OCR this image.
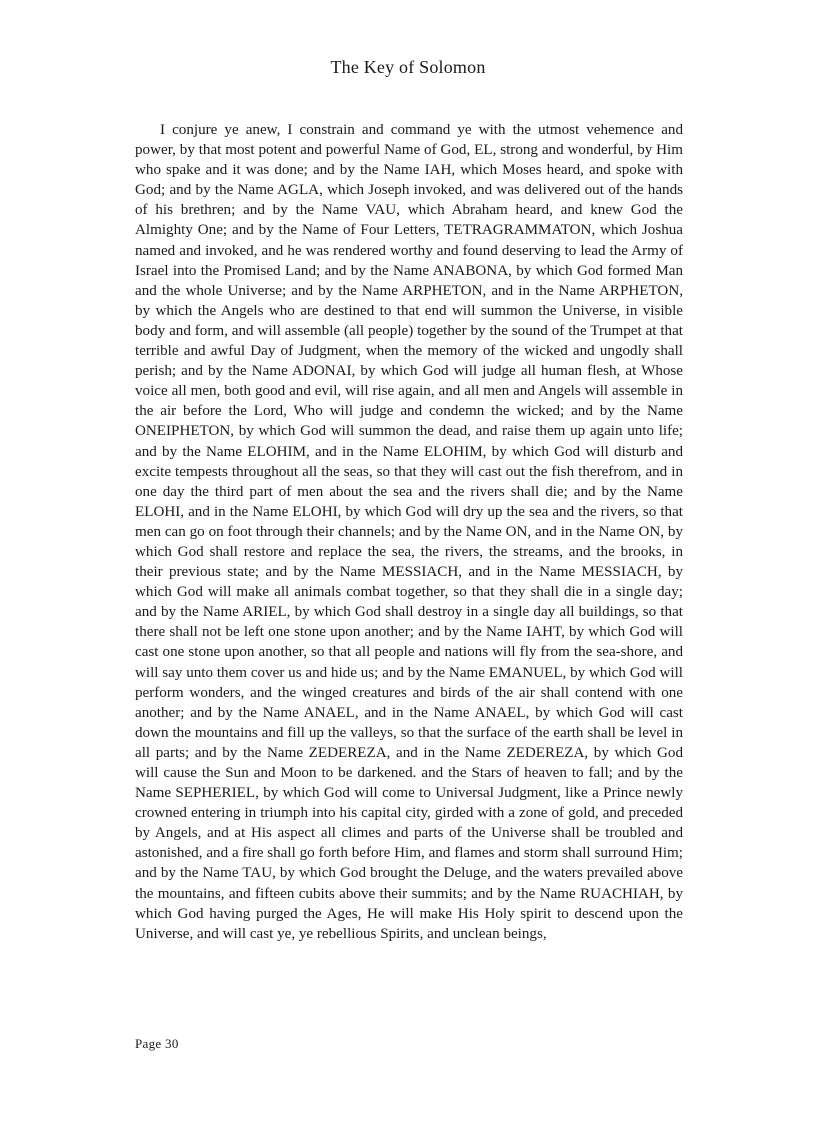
The Key of Solomon

I conjure ye anew, I constrain and command ye with the utmost vehemence and power, by that most potent and powerful Name of God, EL, strong and wonderful, by Him who spake and it was done; and by the Name IAH, which Moses heard, and spoke with God; and by the Name AGLA, which Joseph invoked, and was delivered out of the hands of his brethren; and by the Name VAU, which Abraham heard, and knew God the Almighty One; and by the Name of Four Letters, TETRAGRAMMATON, which Joshua named and invoked, and he was rendered worthy and found deserving to lead the Army of Israel into the Promised Land; and by the Name ANABONA, by which God formed Man and the whole Universe; and by the Name ARPHETON, and in the Name ARPHETON, by which the Angels who are destined to that end will summon the Universe, in visible body and form, and will assemble (all people) together by the sound of the Trumpet at that terrible and awful Day of Judgment, when the memory of the wicked and ungodly shall perish; and by the Name ADONAI, by which God will judge all human flesh, at Whose voice all men, both good and evil, will rise again, and all men and Angels will assemble in the air before the Lord, Who will judge and condemn the wicked; and by the Name ONEIPHETON, by which God will summon the dead, and raise them up again unto life; and by the Name ELOHIM, and in the Name ELOHIM, by which God will disturb and excite tempests throughout all the seas, so that they will cast out the fish therefrom, and in one day the third part of men about the sea and the rivers shall die; and by the Name ELOHI, and in the Name ELOHI, by which God will dry up the sea and the rivers, so that men can go on foot through their channels; and by the Name ON, and in the Name ON, by which God shall restore and replace the sea, the rivers, the streams, and the brooks, in their previous state; and by the Name MESSIACH, and in the Name MESSIACH, by which God will make all animals combat together, so that they shall die in a single day; and by the Name ARIEL, by which God shall destroy in a single day all buildings, so that there shall not be left one stone upon another; and by the Name IAHT, by which God will cast one stone upon another, so that all people and nations will fly from the sea-shore, and will say unto them cover us and hide us; and by the Name EMANUEL, by which God will perform wonders, and the winged creatures and birds of the air shall contend with one another; and by the Name ANAEL, and in the Name ANAEL, by which God will cast down the mountains and fill up the valleys, so that the surface of the earth shall be level in all parts; and by the Name ZEDEREZA, and in the Name ZEDEREZA, by which God will cause the Sun and Moon to be darkened. and the Stars of heaven to fall; and by the Name SEPHERIEL, by which God will come to Universal Judgment, like a Prince newly crowned entering in triumph into his capital city, girded with a zone of gold, and preceded by Angels, and at His aspect all climes and parts of the Universe shall be troubled and astonished, and a fire shall go forth before Him, and flames and storm shall surround Him; and by the Name TAU, by which God brought the Deluge, and the waters prevailed above the mountains, and fifteen cubits above their summits; and by the Name RUACHIAH, by which God having purged the Ages, He will make His Holy spirit to descend upon the Universe, and will cast ye, ye rebellious Spirits, and unclean beings,

Page 30
